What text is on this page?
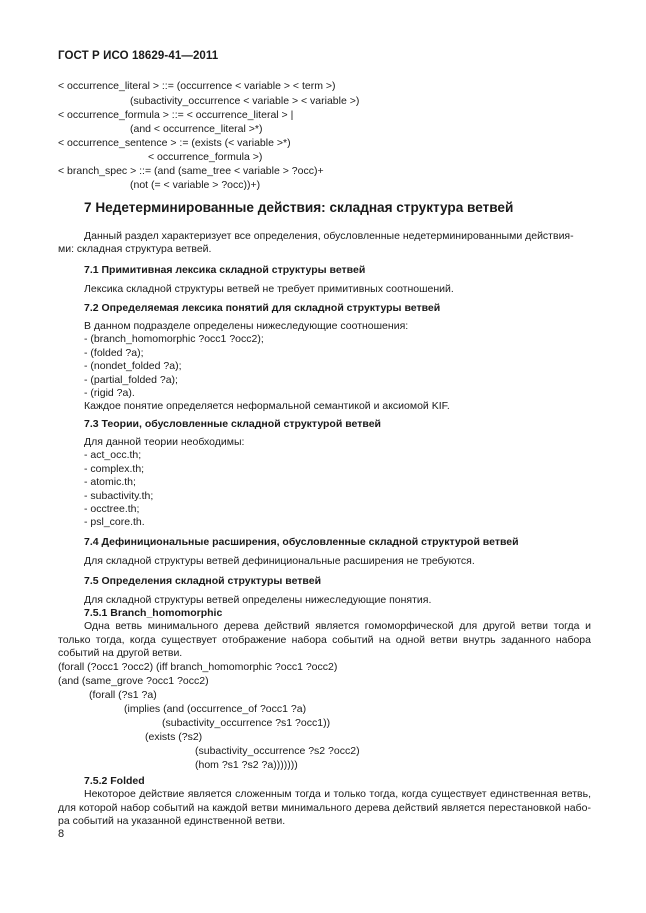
ГОСТ Р ИСО 18629-41—2011
< occurrence_literal > ::= (occurrence < variable > < term >)
(subactivity_occurrence < variable > < variable >)
< occurrence_formula > ::= < occurrence_literal > |
(and < occurrence_literal >*)
< occurrence_sentence > := (exists (< variable >*)
< occurrence_formula >)
< branch_spec > ::= (and (same_tree < variable > ?occ)+
(not (= < variable > ?occ))+)
7 Недетерминированные действия: складная структура ветвей
Данный раздел характеризует все определения, обусловленные недетерминированными действия-
ми: складная структура ветвей.
7.1 Примитивная лексика складной структуры ветвей
Лексика складной структуры ветвей не требует примитивных соотношений.
7.2 Определяемая лексика понятий для складной структуры ветвей
В данном подразделе определены нижеследующие соотношения:
- (branch_homomorphic ?occ1 ?occ2);
- (folded ?a);
- (nondet_folded ?a);
- (partial_folded ?a);
- (rigid ?a).
Каждое понятие определяется неформальной семантикой и аксиомой KIF.
7.3 Теории, обусловленные складной структурой ветвей
Для данной теории необходимы:
- act_occ.th;
- complex.th;
- atomic.th;
- subactivity.th;
- occtree.th;
- psl_core.th.
7.4 Дефинициональные расширения, обусловленные складной структурой ветвей
Для складной структуры ветвей дефинициональные расширения не требуются.
7.5 Определения складной структуры ветвей
Для складной структуры ветвей определены нижеследующие понятия.
7.5.1 Branch_homomorphic
Одна ветвь минимального дерева действий является гомоморфической для другой ветви тогда и
только тогда, когда существует отображение набора событий на одной ветви внутрь заданного набора
событий на другой ветви.
(forall (?occ1 ?occ2) (iff branch_homomorphic ?occ1 ?occ2)
(and (same_grove ?occ1 ?occ2)
(forall (?s1 ?a)
(implies (and (occurrence_of ?occ1 ?a)
(subactivity_occurrence ?s1 ?occ1))
(exists (?s2)
(subactivity_occurrence ?s2 ?occ2)
(hom ?s1 ?s2 ?a)))))))
7.5.2 Folded
Некоторое действие является сложенным тогда и только тогда, когда существует единственная ветвь,
для которой набор событий на каждой ветви минимального дерева действий является перестановкой набо-
ра событий на указанной единственной ветви.
8
